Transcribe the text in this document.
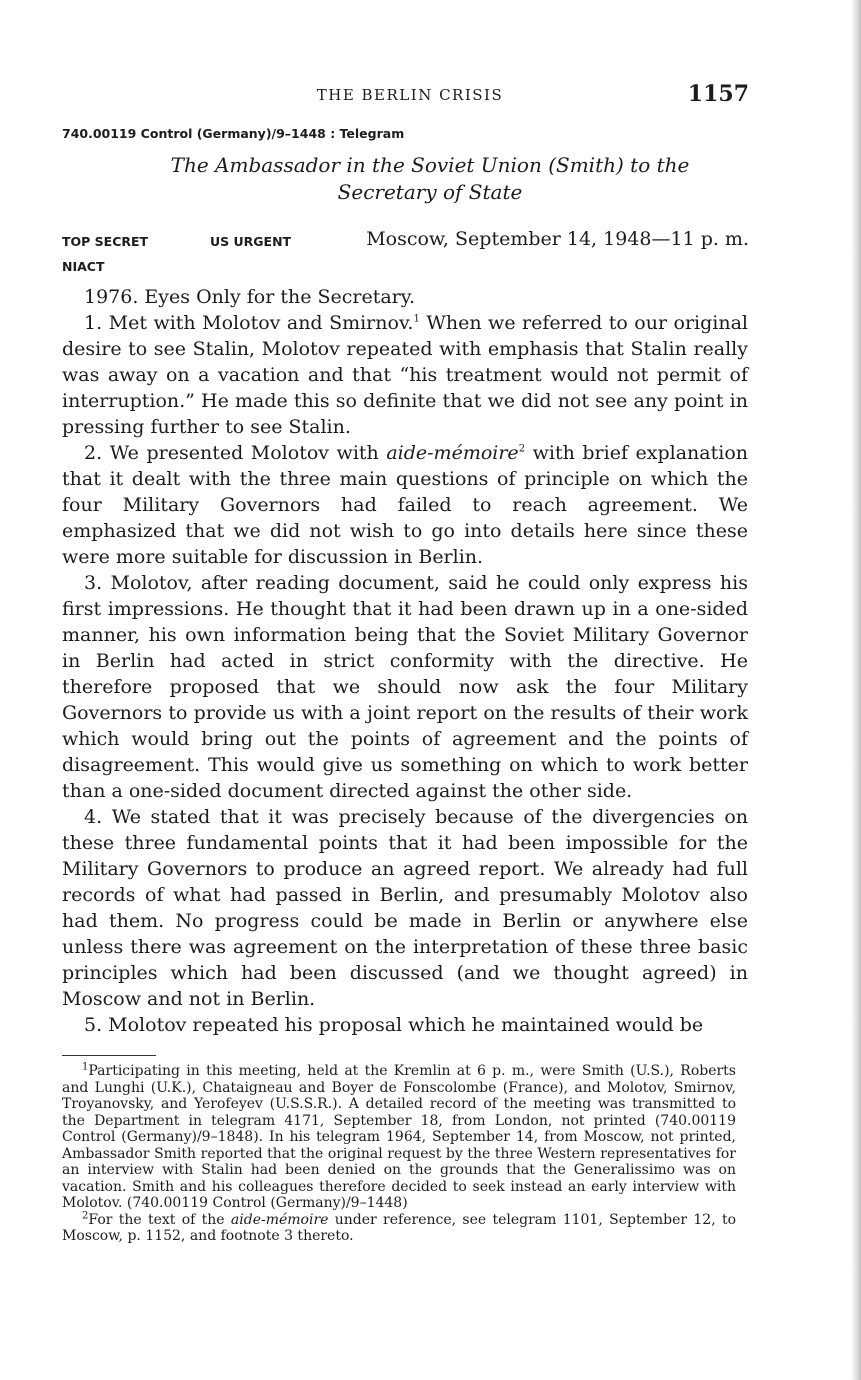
THE BERLIN CRISIS	1157
740.00119 Control (Germany)/9–1448 : Telegram
The Ambassador in the Soviet Union (Smith) to the
Secretary of State
TOP SECRET	US URGENT	Moscow, September 14, 1948—11 p. m.
NIACT

1976. Eyes Only for the Secretary.

1. Met with Molotov and Smirnov.$^1$ When we referred to our original desire to see Stalin, Molotov repeated with emphasis that Stalin really was away on a vacation and that “his treatment would not permit of interruption.” He made this so definite that we did not see any point in pressing further to see Stalin.

2. We presented Molotov with aide-mémoire$^2$ with brief explanation that it dealt with the three main questions of principle on which the four Military Governors had failed to reach agreement. We emphasized that we did not wish to go into details here since these were more suitable for discussion in Berlin.

3. Molotov, after reading document, said he could only express his first impressions. He thought that it had been drawn up in a one-sided manner, his own information being that the Soviet Military Governor in Berlin had acted in strict conformity with the directive. He therefore proposed that we should now ask the four Military Governors to provide us with a joint report on the results of their work which would bring out the points of agreement and the points of disagreement. This would give us something on which to work better than a one-sided document directed against the other side.

4. We stated that it was precisely because of the divergencies on these three fundamental points that it had been impossible for the Military Governors to produce an agreed report. We already had full records of what had passed in Berlin, and presumably Molotov also had them. No progress could be made in Berlin or anywhere else unless there was agreement on the interpretation of these three basic principles which had been discussed (and we thought agreed) in Moscow and not in Berlin.

5. Molotov repeated his proposal which he maintained would be

$^1$Participating in this meeting, held at the Kremlin at 6 p. m., were Smith (U.S.), Roberts and Lunghi (U.K.), Chataigneau and Boyer de Fonscolombe (France), and Molotov, Smirnov, Troyanovsky, and Yerofeyev (U.S.S.R.). A detailed record of the meeting was transmitted to the Department in telegram 4171, September 18, from London, not printed (740.00119 Control (Germany)/9–1848). In his telegram 1964, September 14, from Moscow, not printed, Ambassador Smith reported that the original request by the three Western representatives for an interview with Stalin had been denied on the grounds that the Generalissimo was on vacation. Smith and his colleagues therefore decided to seek instead an early interview with Molotov. (740.00119 Control (Germany)/9–1448)

$^2$For the text of the aide-mémoire under reference, see telegram 1101, September 12, to Moscow, p. 1152, and footnote 3 thereto.
